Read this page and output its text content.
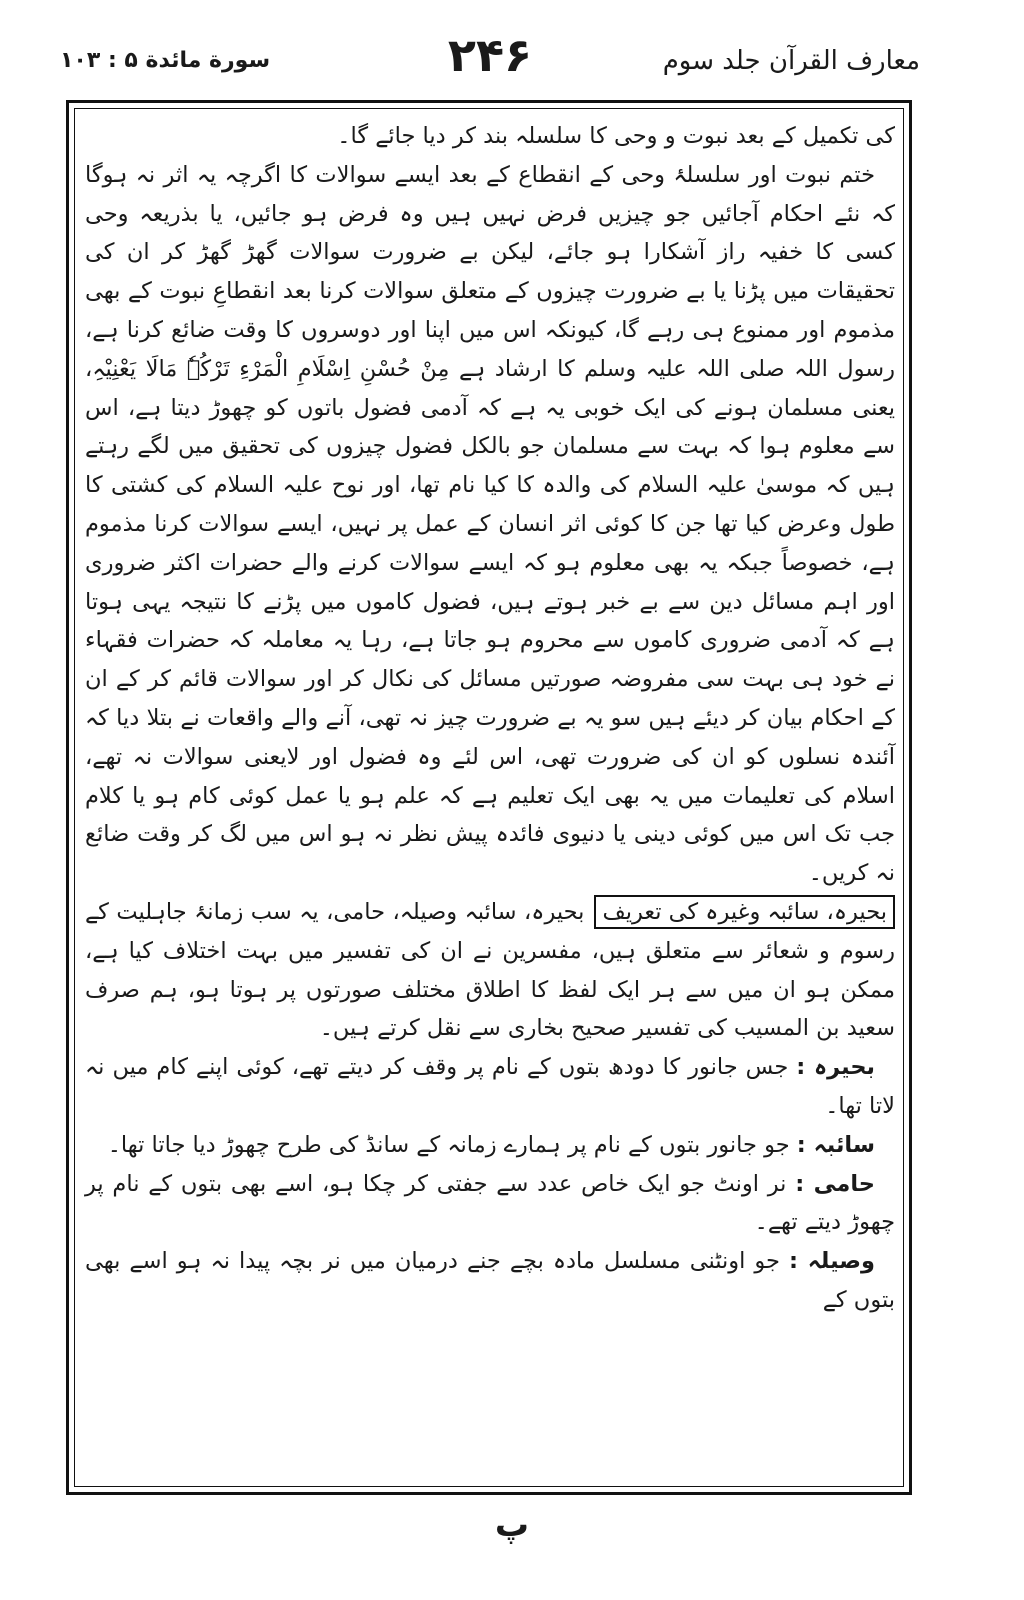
معارف القرآن جلد سوم
۲۴۶
سورة مائدة ۵ : ۱۰۳

کی تکمیل کے بعد نبوت و وحی کا سلسلہ بند کر دیا جائے گا۔

ختم نبوت اور سلسلۂ وحی کے انقطاع کے بعد ایسے سوالات کا اگرچہ یہ اثر نہ ہوگا کہ نئے احکام آجائیں جو چیزیں فرض نہیں ہیں وہ فرض ہو جائیں، یا بذریعہ وحی کسی کا خفیہ راز آشکارا ہو جائے، لیکن بے ضرورت سوالات گھڑ گھڑ کر ان کی تحقیقات میں پڑنا یا بے ضرورت چیزوں کے متعلق سوالات کرنا بعد انقطاعِ نبوت کے بھی مذموم اور ممنوع ہی رہے گا، کیونکہ اس میں اپنا اور دوسروں کا وقت ضائع کرنا ہے، رسول اللہ صلی اللہ علیہ وسلم کا ارشاد ہے مِنْ حُسْنِ اِسْلَامِ الْمَرْءِ تَرْکُہٗ مَالَا یَعْنِیْہِ، یعنی مسلمان ہونے کی ایک خوبی یہ ہے کہ آدمی فضول باتوں کو چھوڑ دیتا ہے، اس سے معلوم ہوا کہ بہت سے مسلمان جو بالکل فضول چیزوں کی تحقیق میں لگے رہتے ہیں کہ موسیٰ علیہ السلام کی والدہ کا کیا نام تھا، اور نوح علیہ السلام کی کشتی کا طول وعرض کیا تھا جن کا کوئی اثر انسان کے عمل پر نہیں، ایسے سوالات کرنا مذموم ہے، خصوصاً جبکہ یہ بھی معلوم ہو کہ ایسے سوالات کرنے والے حضرات اکثر ضروری اور اہم مسائل دین سے بے خبر ہوتے ہیں، فضول کاموں میں پڑنے کا نتیجہ یہی ہوتا ہے کہ آدمی ضروری کاموں سے محروم ہو جاتا ہے، رہا یہ معاملہ کہ حضرات فقہاء نے خود ہی بہت سی مفروضہ صورتیں مسائل کی نکال کر اور سوالات قائم کر کے ان کے احکام بیان کر دیئے ہیں سو یہ بے ضرورت چیز نہ تھی، آنے والے واقعات نے بتلا دیا کہ آئندہ نسلوں کو ان کی ضرورت تھی، اس لئے وہ فضول اور لایعنی سوالات نہ تھے، اسلام کی تعلیمات میں یہ بھی ایک تعلیم ہے کہ علم ہو یا عمل کوئی کام ہو یا کلام جب تک اس میں کوئی دینی یا دنیوی فائدہ پیش نظر نہ ہو اس میں لگ کر وقت ضائع نہ کریں۔

بحیرہ، سائبہ وغیرہ کی تعریفبحیرہ، سائبہ وصیلہ، حامی، یہ سب زمانۂ جاہلیت کے رسوم و شعائر سے متعلق ہیں، مفسرین نے ان کی تفسیر میں بہت اختلاف کیا ہے، ممکن ہو ان میں سے ہر ایک لفظ کا اطلاق مختلف صورتوں پر ہوتا ہو، ہم صرف سعید بن المسیب کی تفسیر صحیح بخاری سے نقل کرتے ہیں۔

بحیرہ : جس جانور کا دودھ بتوں کے نام پر وقف کر دیتے تھے، کوئی اپنے کام میں نہ لاتا تھا۔

سائبہ : جو جانور بتوں کے نام پر ہمارے زمانہ کے سانڈ کی طرح چھوڑ دیا جاتا تھا۔

حامی : نر اونٹ جو ایک خاص عدد سے جفتی کر چکا ہو، اسے بھی بتوں کے نام پر چھوڑ دیتے تھے۔

وصیلہ : جو اونٹنی مسلسل مادہ بچے جنے درمیان میں نر بچہ پیدا نہ ہو اسے بھی بتوں کے

پ
